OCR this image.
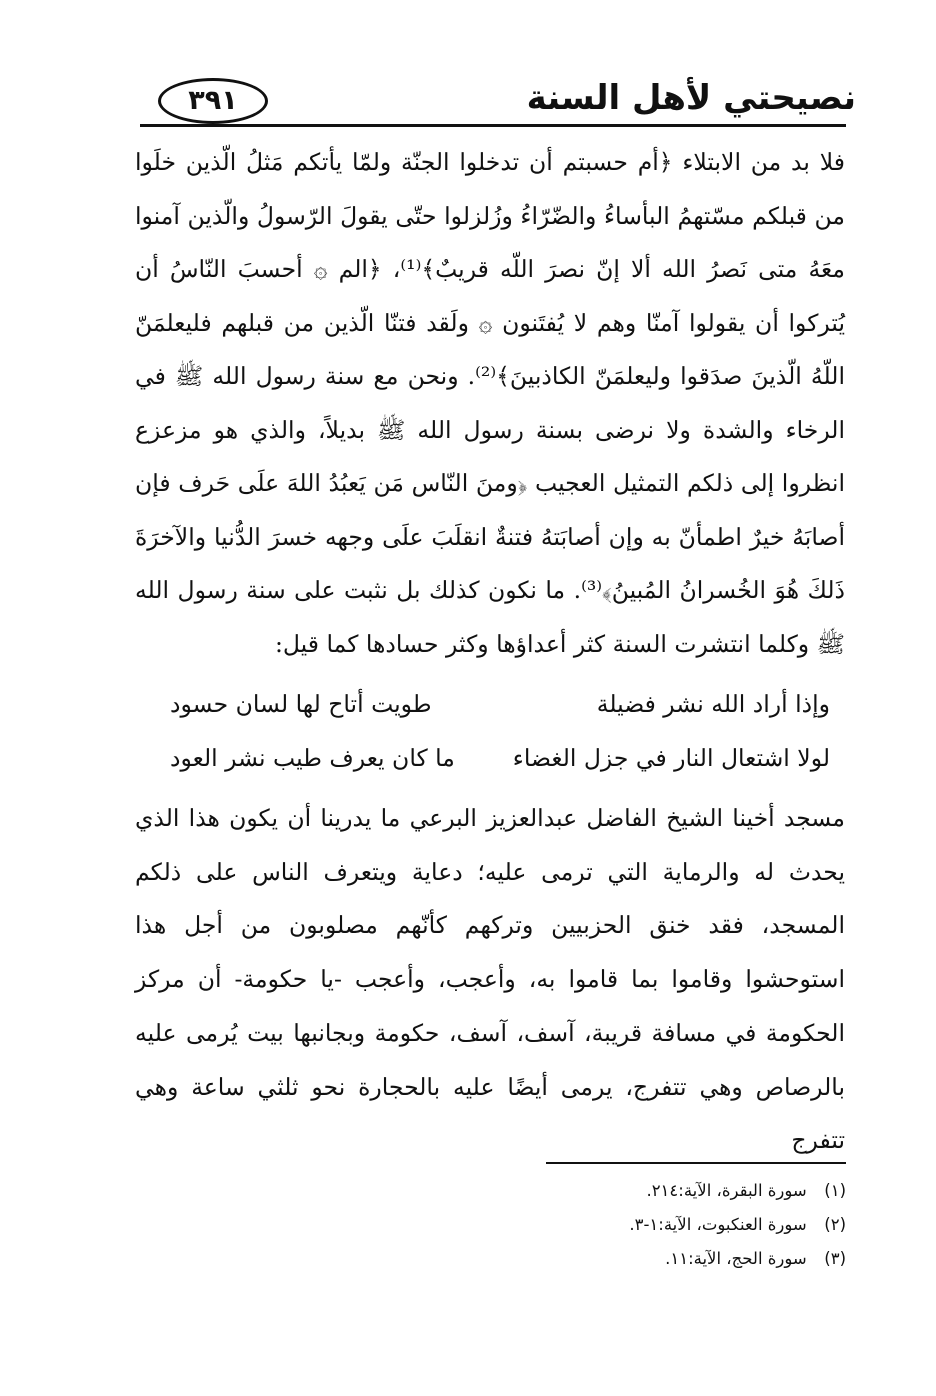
نصيحتي لأهل السنة
٣٩١

فلا بد من الابتلاء ﴿أم حسبتم أن تدخلوا الجنّة ولمّا يأتكم مَثلُ الّذين خلَوا من قبلكم مسّتهمُ البأساءُ والضّرّاءُ وزُلزلوا حتّى يقولَ الرّسولُ والّذين آمنوا معَهُ متى نَصرُ الله ألا إنّ نصرَ اللّه قريبٌ﴾⁽¹⁾، ﴿الم ۞ أحسبَ النّاسُ أن يُتركوا أن يقولوا آمنّا وهم لا يُفتَنون ۞ ولَقد فتنّا الّذين من قبلهم فليعلمَنّ اللّهُ الّذينَ صدَقوا وليعلمَنّ الكاذبينَ﴾⁽²⁾. ونحن مع سنة رسول الله ﷺ في الرخاء والشدة ولا نرضى بسنة رسول الله ﷺ بديلاً، والذي هو مزعزع انظروا إلى ذلكم التمثيل العجيب ﴿ومنَ النّاس مَن يَعبُدُ اللهَ علَى حَرف فإن أصابَهُ خيرٌ اطمأنّ به وإن أصابَتهُ فتنةٌ انقلَبَ علَى وجهه خسرَ الدُّنيا والآخرَةَ ذَلكَ هُوَ الخُسرانُ المُبينُ﴾⁽³⁾. ما نكون كذلك بل نثبت على سنة رسول الله ﷺ وكلما انتشرت السنة كثر أعداؤها وكثر حسادها كما قيل:

وإذا أراد الله نشر فضيلة
طويت أتاح لها لسان حسود
لولا اشتعال النار في جزل الغضاء
ما كان يعرف طيب نشر العود

مسجد أخينا الشيخ الفاضل عبدالعزيز البرعي ما يدرينا أن يكون هذا الذي يحدث له والرماية التي ترمى عليه؛ دعاية ويتعرف الناس على ذلكم المسجد، فقد خنق الحزبيين وتركهم كأنّهم مصلوبون من أجل هذا استوحشوا وقاموا بما قاموا به، وأعجب، وأعجب -يا حكومة- أن مركز الحكومة في مسافة قريبة، آسف، آسف، حكومة وبجانبها بيت يُرمى عليه بالرصاص وهي تتفرج، يرمى أيضًا عليه بالحجارة نحو ثلثي ساعة وهي تتفرج

(١) سورة البقرة، الآية:٢١٤.
(٢) سورة العنكبوت، الآية:١-٣.
(٣) سورة الحج، الآية:١١.
